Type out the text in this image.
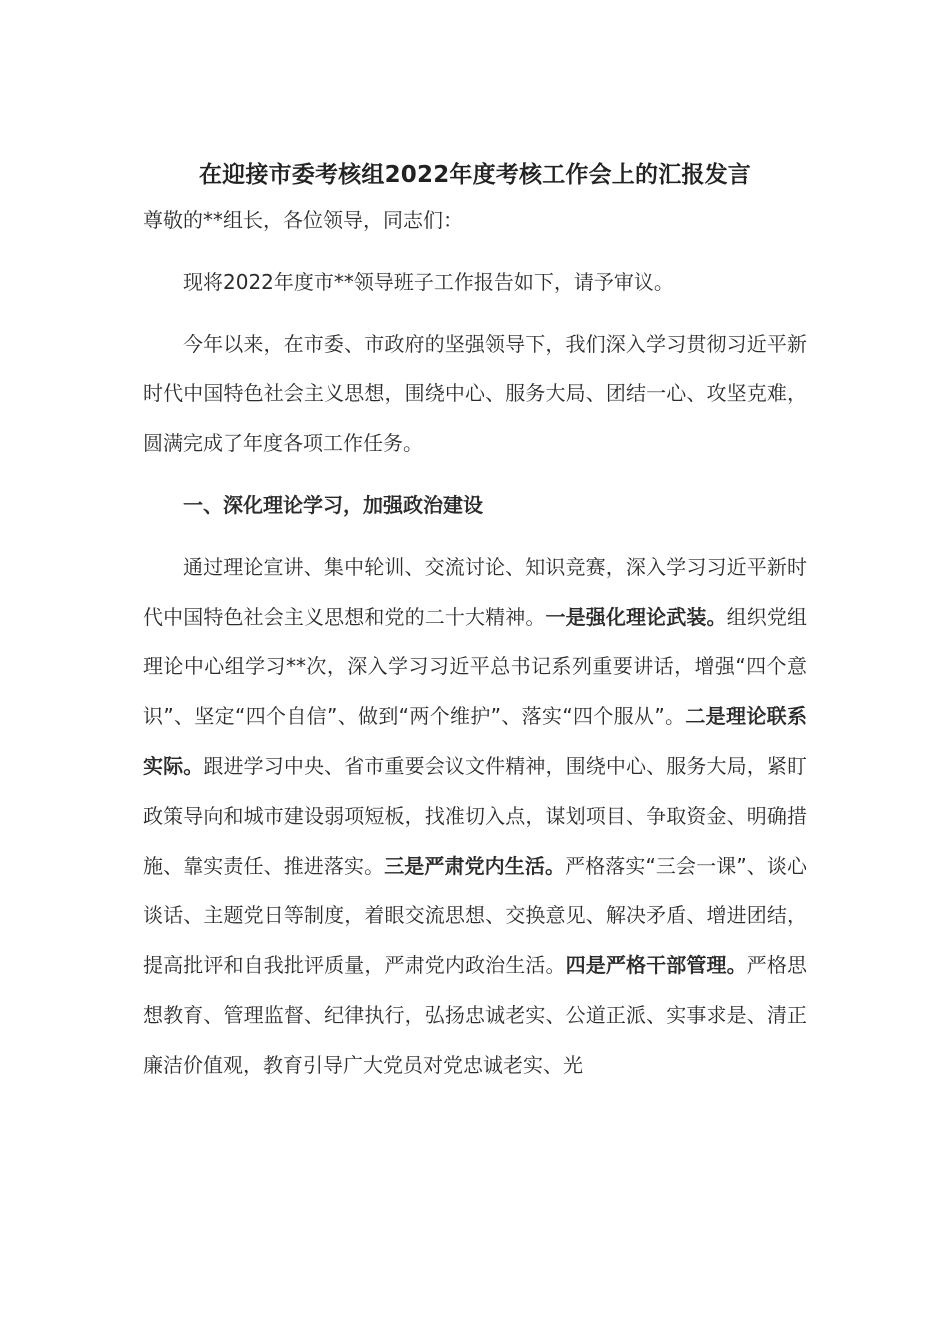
在迎接市委考核组2022年度考核工作会上的汇报发言

尊敬的**组长，各位领导，同志们：

现将2022年度市**领导班子工作报告如下，请予审议。

今年以来，在市委、市政府的坚强领导下，我们深入学习贯彻习近平新时代中国特色社会主义思想，围绕中心、服务大局、团结一心、攻坚克难，圆满完成了年度各项工作任务。

一、深化理论学习，加强政治建设

通过理论宣讲、集中轮训、交流讨论、知识竞赛，深入学习习近平新时代中国特色社会主义思想和党的二十大精神。一是强化理论武装。组织党组理论中心组学习**次，深入学习习近平总书记系列重要讲话，增强“四个意识”、坚定“四个自信”、做到“两个维护”、落实“四个服从”。二是理论联系实际。跟进学习中央、省市重要会议文件精神，围绕中心、服务大局，紧盯政策导向和城市建设弱项短板，找准切入点，谋划项目、争取资金、明确措施、靠实责任、推进落实。三是严肃党内生活。严格落实“三会一课”、谈心谈话、主题党日等制度，着眼交流思想、交换意见、解决矛盾、增进团结，提高批评和自我批评质量，严肃党内政治生活。四是严格干部管理。严格思想教育、管理监督、纪律执行，弘扬忠诚老实、公道正派、实事求是、清正廉洁价值观，教育引导广大党员对党忠诚老实、光
